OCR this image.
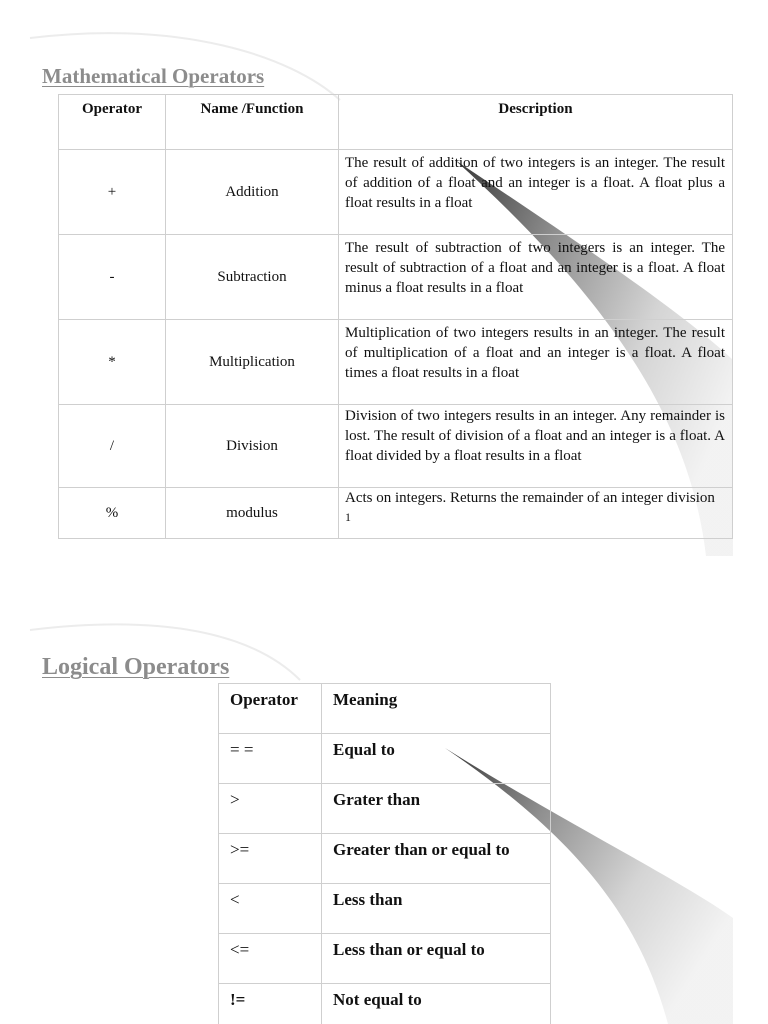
Mathematical Operators
Operator	Name /Function	Description
+	Addition	The result of addition of two integers is an integer. The result of addition of a float and an integer is a float. A float plus a float results in a float
-	Subtraction	The result of subtraction of two integers is an integer. The result of subtraction of a float and an integer is a float. A float minus a float results in a float
*	Multiplication	Multiplication of two integers results in an integer. The result of multiplication of a float and an integer is a float. A float times a float results in a float
/	Division	Division of two integers results in an integer. Any remainder is lost. The result of division of a float and an integer is a float. A float divided by a float results in a float
%	modulus	Acts on integers. Returns the remainder of an integer division
1
Logical Operators
Operator	Meaning
= =	Equal to
>	Grater than
>=	Greater than or equal to
<	Less than
<=	Less than or equal to
!=	Not equal to
